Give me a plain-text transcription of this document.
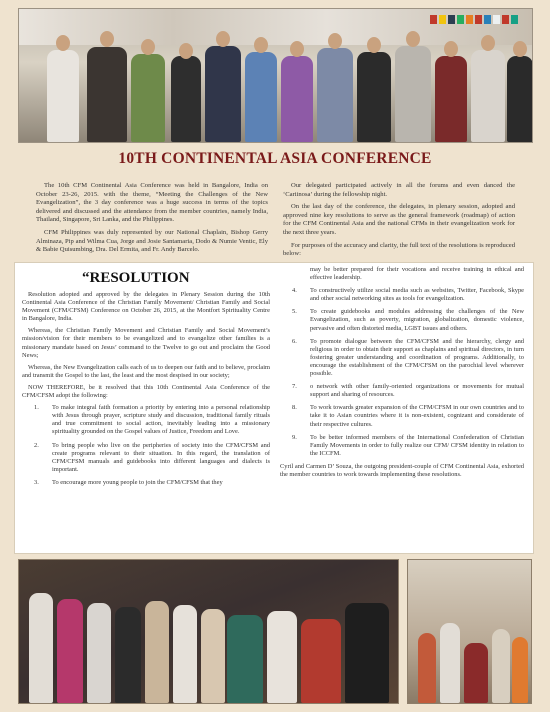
10TH CONTINENTAL ASIA CONFERENCE

The 10th CFM Continental Asia Conference was held in Bangalore, India on October 23-26, 2015. with the theme, “Meeting the Challenges of the New Evangelization”, the 3 day conference was a huge success in terms of the topics delivered and discussed and the attendance from the member countries, namely India, Thailand, Singapore, Sri Lanka, and the Philippines.

CFM Philippines was duly represented by our National Chaplain, Bishop Gerry Alminaza, Pip and Wilma Cua, Jorge and Josie Santamaria, Dodo & Numie Ventic, Ely & Babie Quisumbing, Dra. Del Ermita, and Fr. Andy Barcelo.

Our delegated participated actively in all the forums and even danced the ‘Cariinosa’ during the fellowship night.

On the last day of the conference, the delegates, in plenary session, adopted and approved nine key resolutions to serve as the general framework (roadmap) of action for the CFM Continental Asia and the national CFMs in their evangelization work for the next three years.

For purposes of the accuracy and clarity, the full text of the resolutions is reproduced below:

“RESOLUTION

Resolution adopted and approved by the delegates in Plenary Session during the 10th Continental Asia Conference of the Christian Family Movement/ Christian Family and Social Movement (CFM/CFSM) Conference on October 26, 2015, at the Montfort Spirituality Centre in Bangalore, India.

Whereas, the Christian Family Movement and Christian Family and Social Movement’s mission/vision for their members to be evangelized and to evangelize other families is a missionary mandate based on Jesus’ command to the Twelve to go out and proclaim the Good News;

Whereas, the New Evangelization calls each of us to deepen our faith and to believe, proclaim and transmit the Gospel to the last, the least and the most despised in our society;

NOW THEREFORE, be it resolved that this 10th Continental Asia Conference of the CFM/CFSM adopt the following:

1. To make integral faith formation a priority by entering into a personal relationship with Jesus through prayer, scripture study and discussion, traditional family rituals and true commitment to social action, inevitably leading into a missionary spirituality grounded on the Gospel values of Justice, Freedom and Love.
2. To bring people who live on the peripheries of society into the CFM/CFSM and create programs relevant to their situation. In this regard, the translation of CFM/CFSM manuals and guidebooks into different languages and dialects is important.
3. To encourage more young people to join the CFM/CFSM that they
may be better prepared for their vocations and receive training in ethical and effective leadership.
4. To constructively utilize social media such as websites, Twitter, Facebook, Skype and other social networking sites as tools for evangelization.
5. To create guidebooks and modules addressing the challenges of the New Evangelization, such as poverty, migration, globalization, domestic violence, pervasive and often distorted media, LGBT issues and others.
6. To promote dialogue between the CFM/CFSM and the hierarchy, clergy and religious in order to obtain their support as chaplains and spiritual directors, in turn fostering greater understanding and coordination of programs. Additionally, to encourage the establishment of the CFM/CFSM on the parochial level wherever possible.
7. o network with other family-oriented organizations or movements for mutual support and sharing of resources.
8. To work towards greater expansion of the CFM/CFSM in our own countries and to take it to Asian countries where it is non-existent, cognizant and considerate of their respective cultures.
9. To be better informed members of the International Confederation of Christian Family Movements in order to fully realize our CFM/ CFSM identity in relation to the ICCFM.

Cyril and Carmen D’ Souza, the outgoing president-couple of CFM Continental Asia, exhorted the member countries to work towards implementing these resolutions.
